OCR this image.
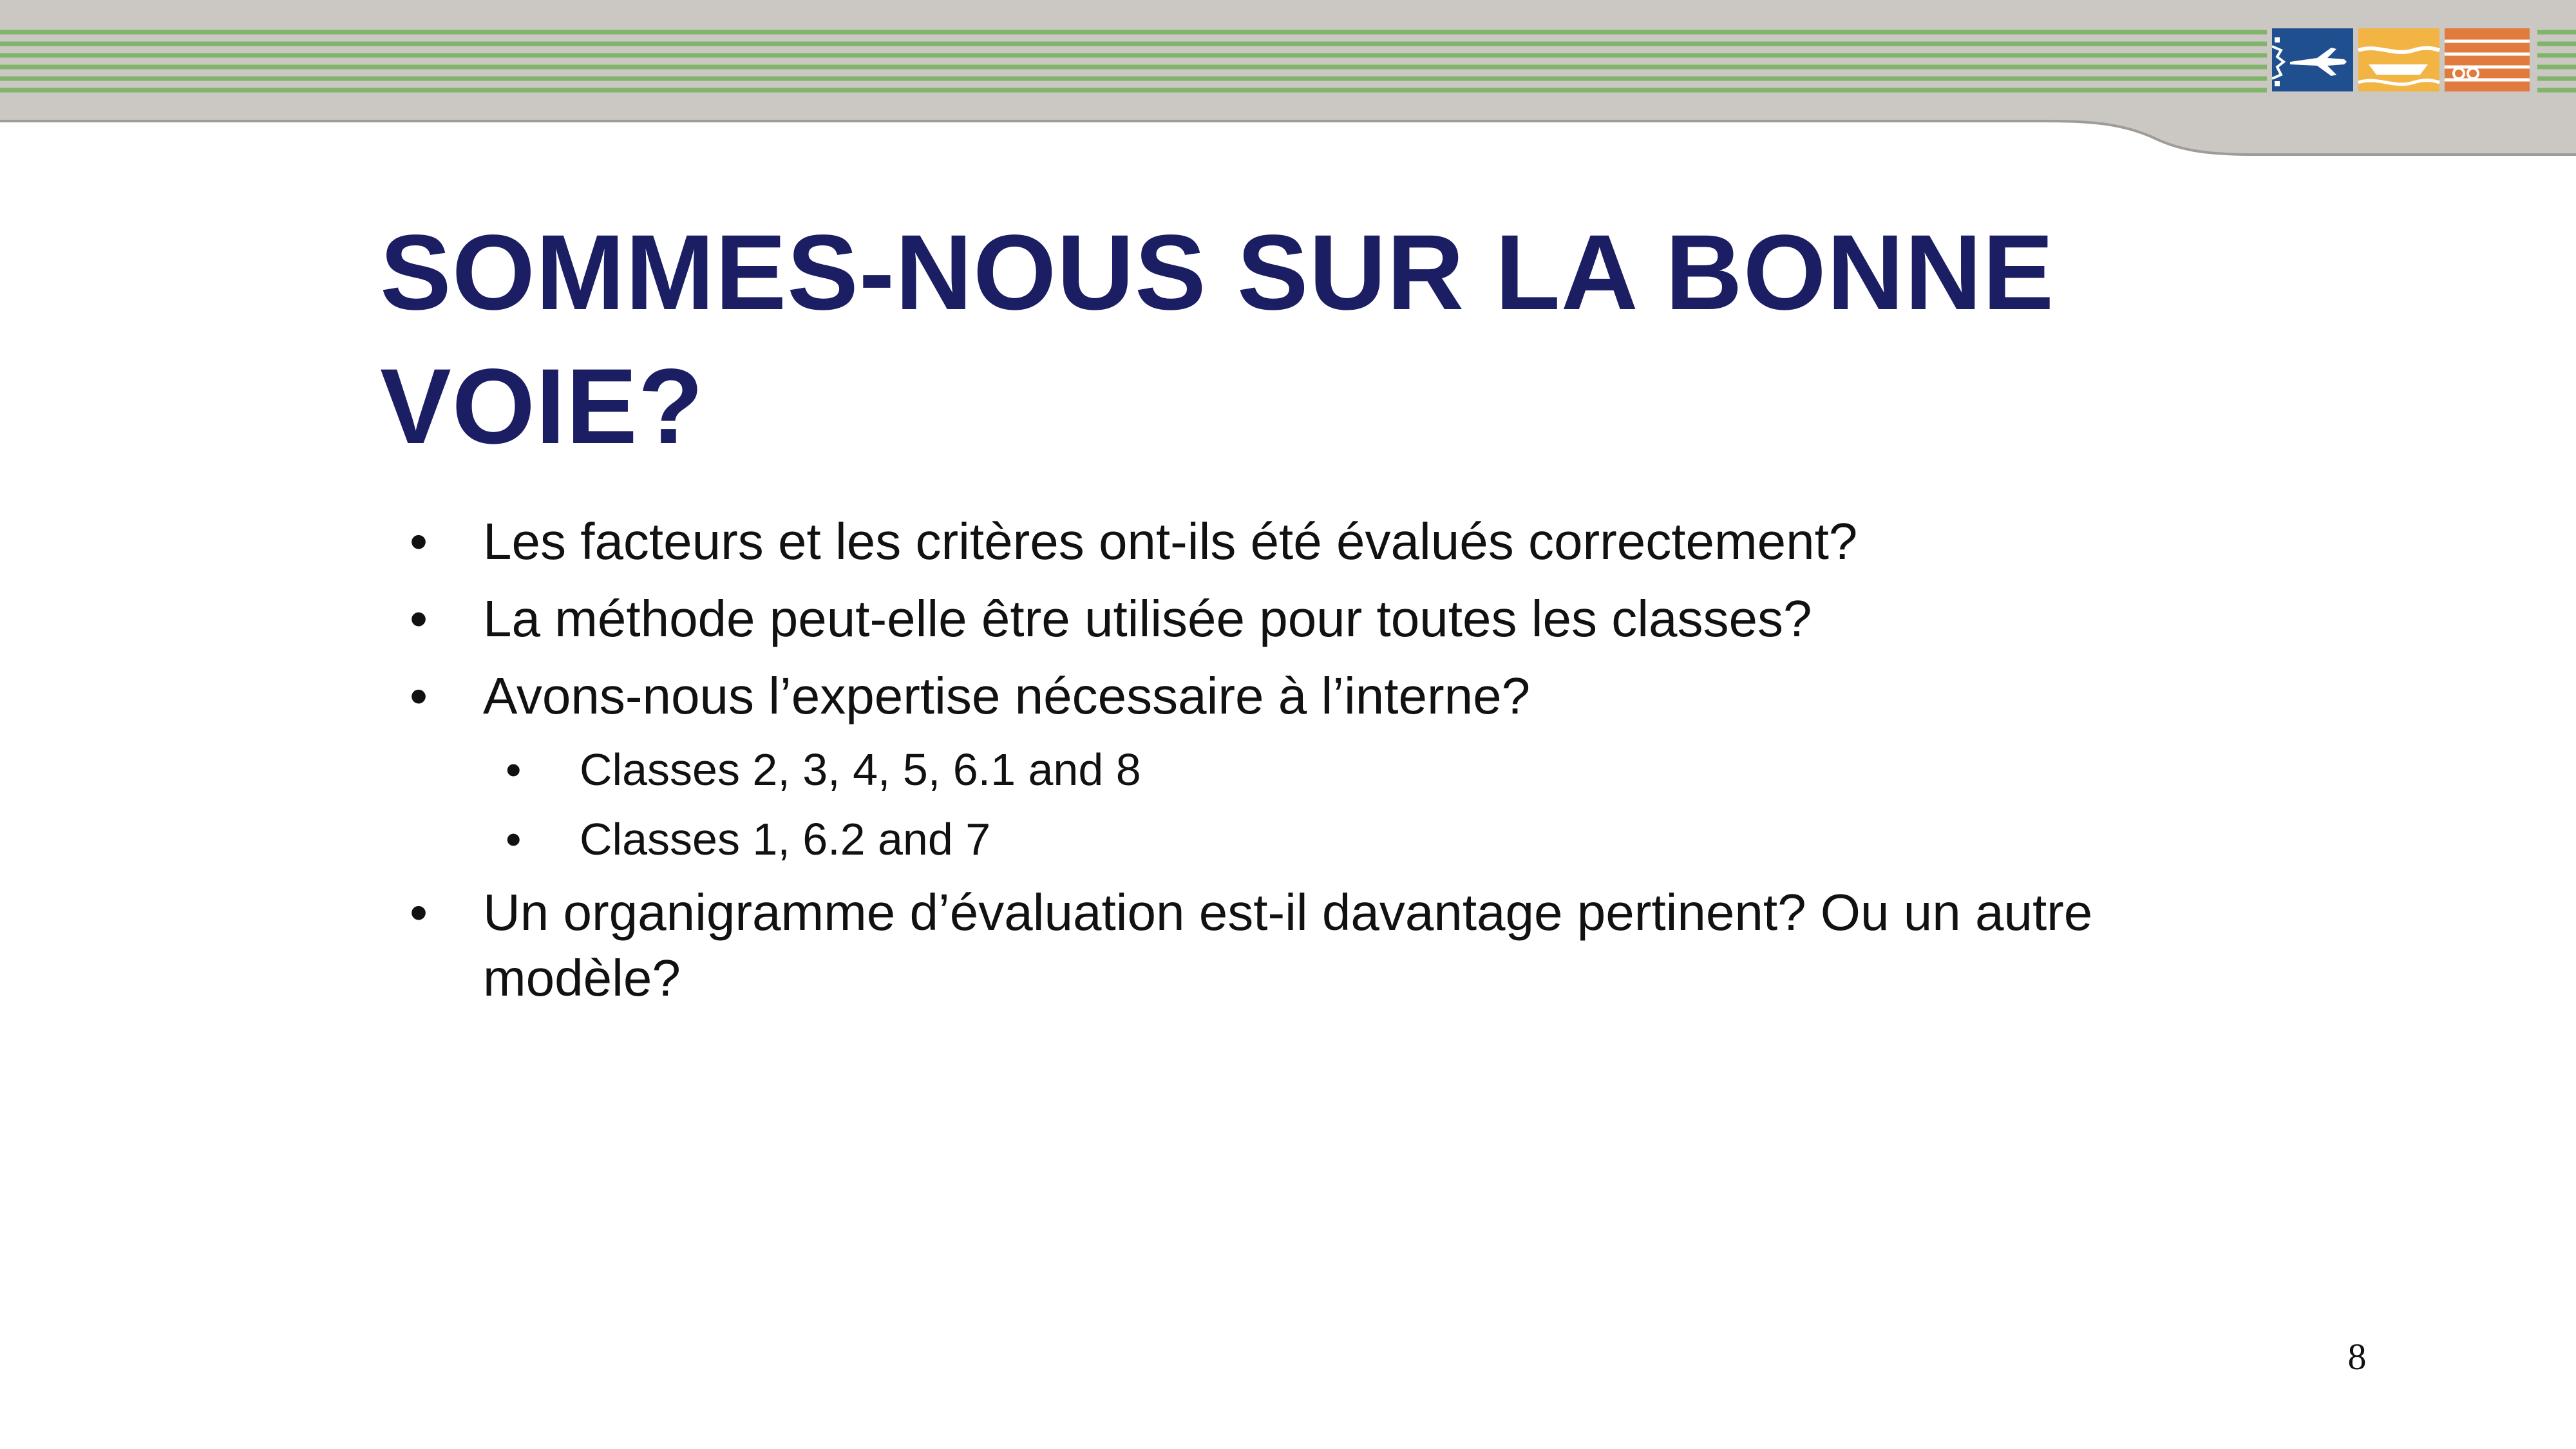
SOMMES-NOUS SUR LA BONNE
VOIE?
• Les facteurs et les critères ont-ils été évalués correctement?
• La méthode peut-elle être utilisée pour toutes les classes?
• Avons-nous l’expertise nécessaire à l’interne?
• Classes 2, 3, 4, 5, 6.1 and 8
• Classes 1, 6.2 and 7
• Un organigramme d’évaluation est-il davantage pertinent? Ou un autre modèle?
8
